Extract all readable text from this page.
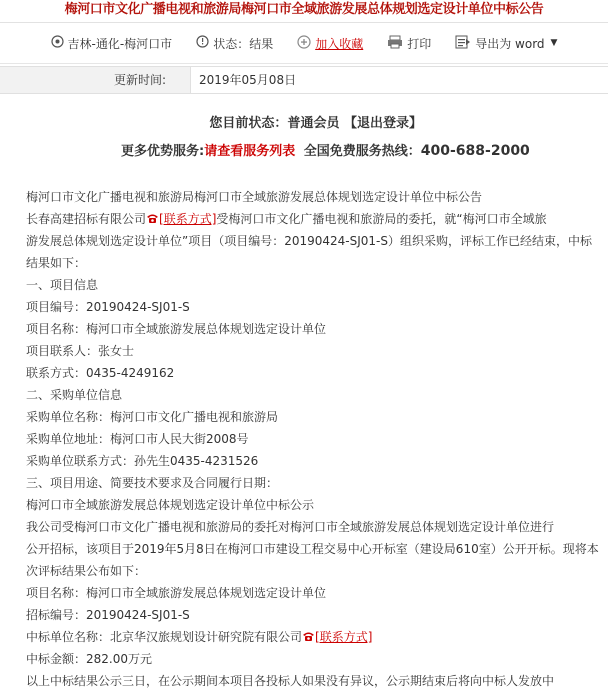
梅河口市文化广播电视和旅游局梅河口市全域旅游发展总体规划选定设计单位中标公告
吉林-通化-梅河口市	状态：结果	加入收藏	打印	导出为 word ▼
更新时间:	2019年05月08日
您目前状态：普通会员 【退出登录】
更多优势服务:请查看服务列表 全国免费服务热线：400-688-2000

梅河口市文化广播电视和旅游局梅河口市全域旅游发展总体规划选定设计单位中标公告

长春高建招标有限公司 [联系方式]受梅河口市文化广播电视和旅游局的委托，就“梅河口市全域旅

游发展总体规划选定设计单位”项目（项目编号：20190424-SJ01-S）组织采购，评标工作已经结束，中标

结果如下：

一、项目信息

项目编号：20190424-SJ01-S

项目名称：梅河口市全域旅游发展总体规划选定设计单位

项目联系人：张女士

联系方式：0435-4249162

二、采购单位信息

采购单位名称：梅河口市文化广播电视和旅游局

采购单位地址：梅河口市人民大街2008号

采购单位联系方式：孙先生0435-4231526

三、项目用途、简要技术要求及合同履行日期：

梅河口市全域旅游发展总体规划选定设计单位中标公示

我公司受梅河口市文化广播电视和旅游局的委托对梅河口市全域旅游发展总体规划选定设计单位进行

公开招标，该项目于2019年5月8日在梅河口市建设工程交易中心开标室（建设局610室）公开开标。现将本

次评标结果公布如下：

项目名称：梅河口市全域旅游发展总体规划选定设计单位

招标编号：20190424-SJ01-S

中标单位名称：北京华汉旅规划设计研究院有限公司 [联系方式]

中标金额：282.00万元

以上中标结果公示三日，在公示期间本项目各投标人如果没有异议，公示期结束后将向中标人发放中
